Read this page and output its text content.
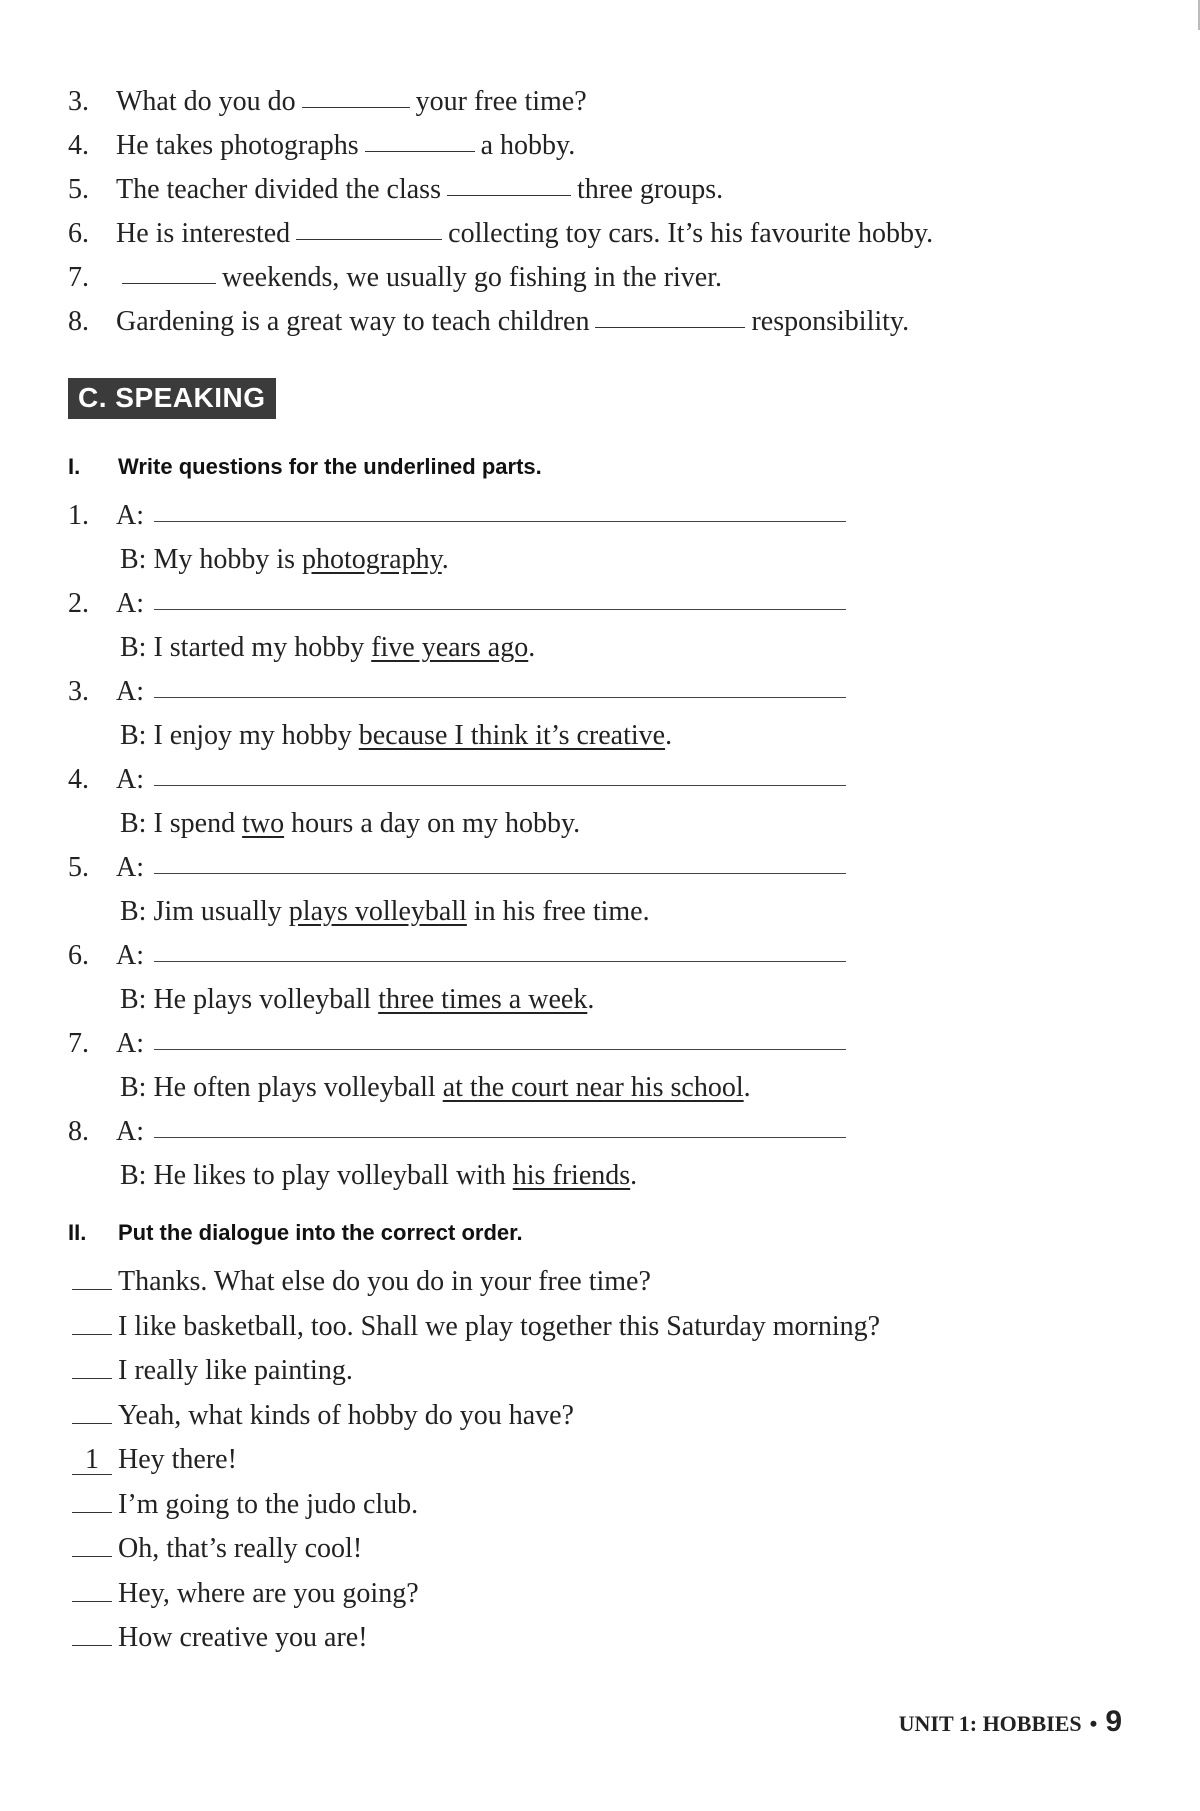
3. What do you do	your free time?
4. He takes photographs	a hobby.
5. The teacher divided the class	three groups.
6. He is interested	collecting toy cars. It’s his favourite hobby.
7.	weekends, we usually go fishing in the river.
8. Gardening is a great way to teach children	responsibility.
C. SPEAKING
I. Write questions for the underlined parts.
1. A:
B: My hobby is photography.
2. A:
B: I started my hobby five years ago.
3. A:
B: I enjoy my hobby because I think it’s creative.
4. A:
B: I spend two hours a day on my hobby.
5. A:
B: Jim usually plays volleyball in his free time.
6. A:
B: He plays volleyball three times a week.
7. A:
B: He often plays volleyball at the court near his school.
8. A:
B: He likes to play volleyball with his friends.
II. Put the dialogue into the correct order.
Thanks. What else do you do in your free time?
I like basketball, too. Shall we play together this Saturday morning?
I really like painting.
Yeah, what kinds of hobby do you have?
1 Hey there!
I’m going to the judo club.
Oh, that’s really cool!
Hey, where are you going?
How creative you are!
UNIT 1: HOBBIES • 9
